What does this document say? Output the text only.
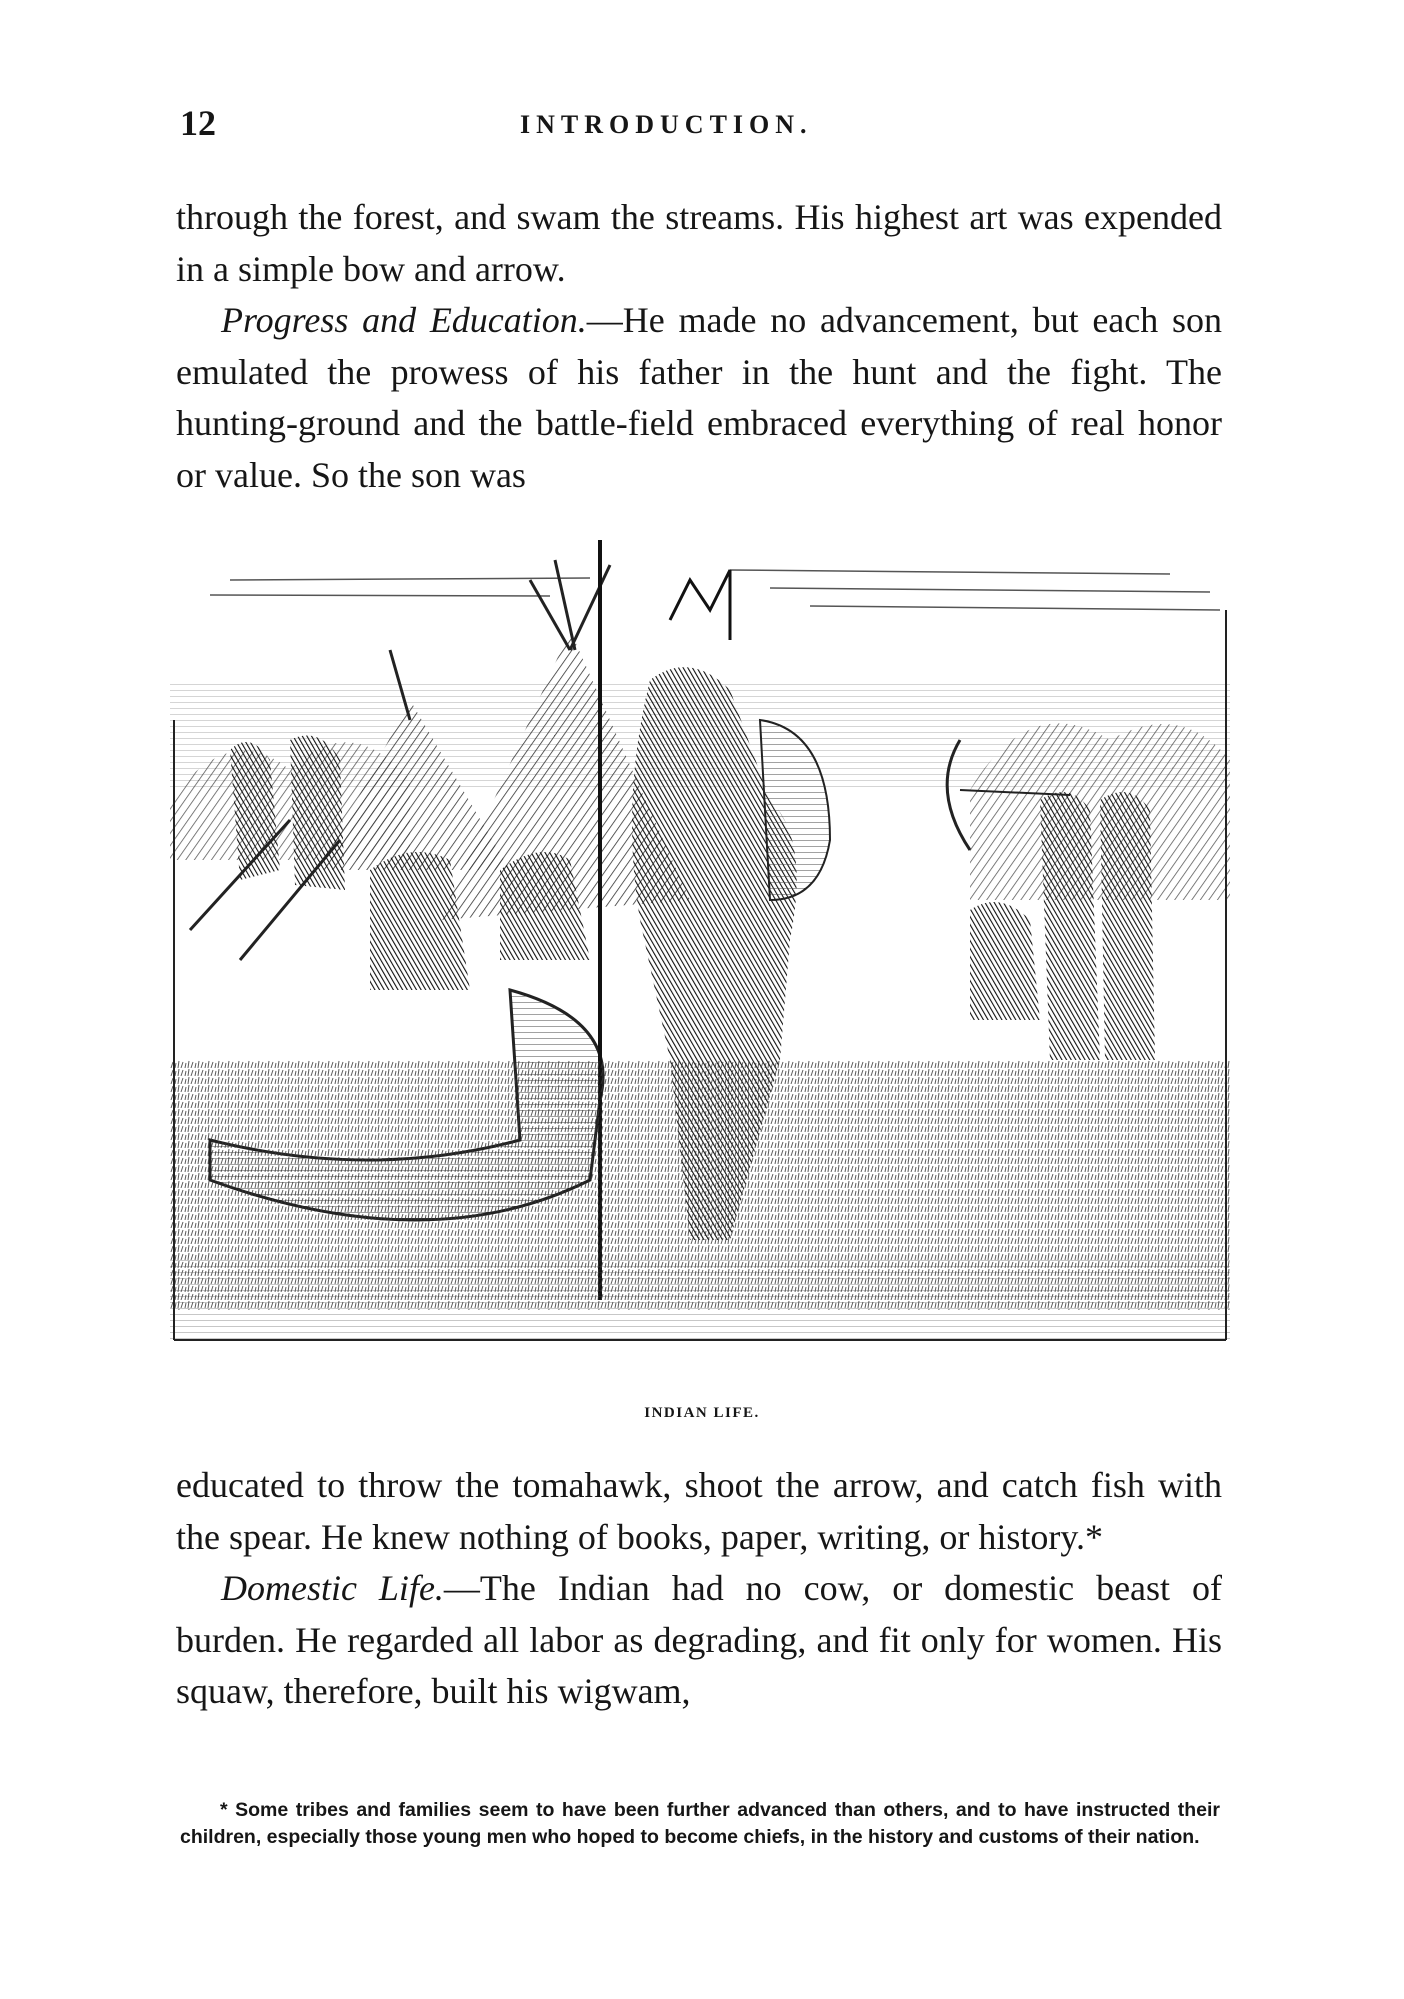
12	INTRODUCTION.

through the forest, and swam the streams. His highest art was expended in a simple bow and arrow.

Progress and Education.—He made no advancement, but each son emulated the prowess of his father in the hunt and the fight. The hunting-ground and the battle-field embraced everything of real honor or value. So the son was

INDIAN LIFE.

educated to throw the tomahawk, shoot the arrow, and catch fish with the spear. He knew nothing of books, paper, writing, or history.*

Domestic Life.—The Indian had no cow, or domestic beast of burden. He regarded all labor as degrading, and fit only for women. His squaw, therefore, built his wigwam,

* Some tribes and families seem to have been further advanced than others, and to have instructed their children, especially those young men who hoped to become chiefs, in the history and customs of their nation.
